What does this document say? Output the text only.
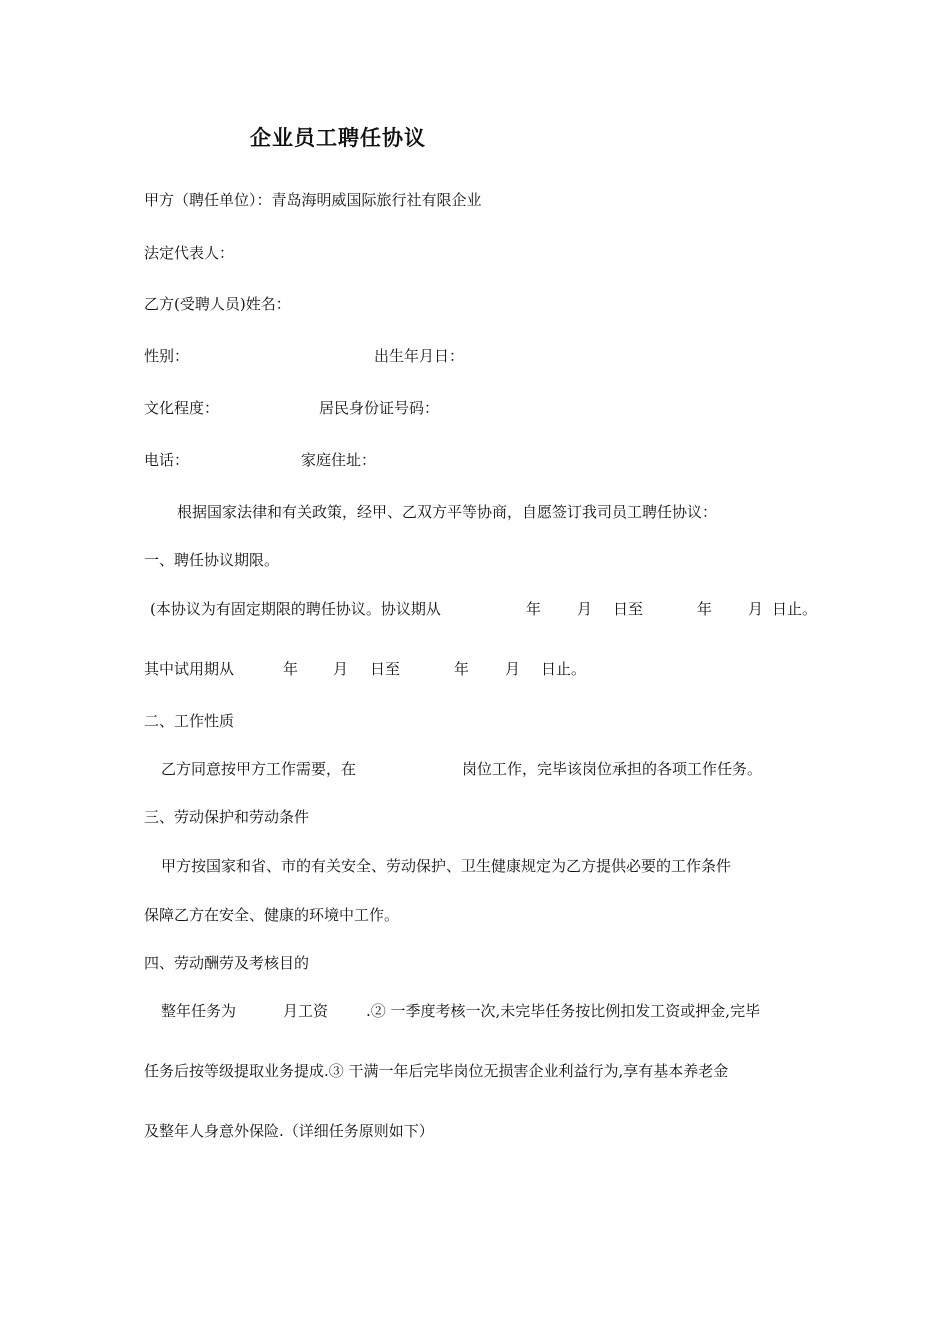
企业员工聘任协议
甲方（聘任单位）：青岛海明威国际旅行社有限企业
法定代表人：
乙方(受聘人员)姓名：
性别：	出生年月日：
文化程度：	居民身份证号码：
电话：	家庭住址：
根据国家法律和有关政策，经甲、乙双方平等协商，自愿签订我司员工聘任协议：
一、聘任协议期限。
(本协议为有固定期限的聘任协议。协议期从	年 月 日至	年 月 日止。
其中试用期从	年 月 日至	年 月 日止。
二、工作性质
乙方同意按甲方工作需要，在	岗位工作，完毕该岗位承担的各项工作任务。
三、劳动保护和劳动条件
甲方按国家和省、市的有关安全、劳动保护、卫生健康规定为乙方提供必要的工作条件
保障乙方在安全、健康的环境中工作。
四、劳动酬劳及考核目的
整年任务为	月工资	.② 一季度考核一次,未完毕任务按比例扣发工资或押金,完毕
任务后按等级提取业务提成.③ 干满一年后完毕岗位无损害企业利益行为,享有基本养老金
及整年人身意外保险.（详细任务原则如下）
